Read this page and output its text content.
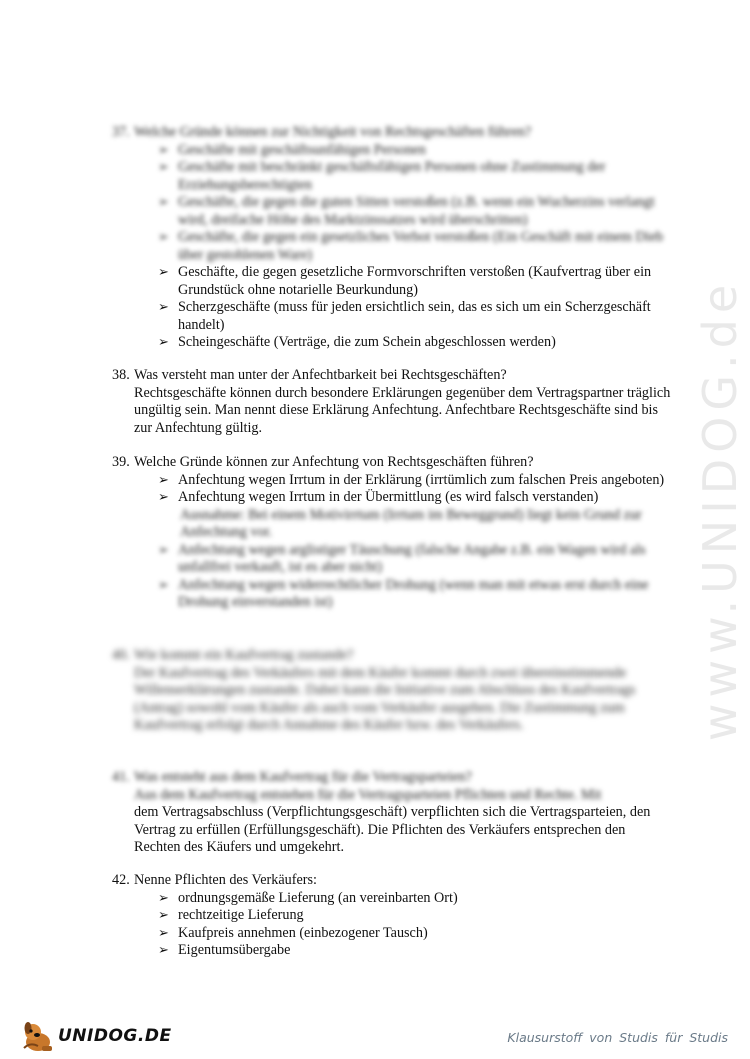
www.UNIDOG.de
37. Welche Gründe können zur Nichtigkeit von Rechtsgeschäften führen?
➢ Geschäfte mit geschäftsunfähigen Personen
➢ Geschäfte mit beschränkt geschäftsfähigen Personen ohne Zustimmung der Erziehungsberechtigten
➢ Geschäfte, die gegen die guten Sitten verstoßen (z.B. wenn ein Wucherzins verlangt wird, dreifache Höhe des Marktzinssatzes wird überschritten)
➢ Geschäfte, die gegen ein gesetzliches Verbot verstoßen (Ein Geschäft mit einem Dieb über gestohlenen Ware)
➢ Geschäfte, die gegen gesetzliche Formvorschriften verstoßen (Kaufvertrag über ein Grundstück ohne notarielle Beurkundung)
➢ Scherzgeschäfte (muss für jeden ersichtlich sein, das es sich um ein Scherzgeschäft handelt)
➢ Scheingeschäfte (Verträge, die zum Schein abgeschlossen werden)
38. Was versteht man unter der Anfechtbarkeit bei Rechtsgeschäften?
Rechtsgeschäfte können durch besondere Erklärungen gegenüber dem Vertragspartner träglich ungültig sein. Man nennt diese Erklärung Anfechtung. Anfechtbare Rechtsgeschäfte sind bis zur Anfechtung gültig.
39. Welche Gründe können zur Anfechtung von Rechtsgeschäften führen?
➢ Anfechtung wegen Irrtum in der Erklärung (irrtümlich zum falschen Preis angeboten)
➢ Anfechtung wegen Irrtum in der Übermittlung (es wird falsch verstanden)
Ausnahme: Bei einem Motivirrtum (Irrtum im Beweggrund) liegt kein Grund zur Anfechtung vor.
➢ Anfechtung wegen arglistiger Täuschung (falsche Angabe z.B. ein Wagen wird als unfallfrei verkauft, ist es aber nicht)
➢ Anfechtung wegen widerrechtlicher Drohung (wenn man mit etwas erst durch eine Drohung einverstanden ist)
40. Wie kommt ein Kaufvertrag zustande?
Der Kaufvertrag des Verkäufers mit dem Käufer kommt durch zwei übereinstimmende Willenserklärungen zustande. Dabei kann die Initiative zum Abschluss des Kaufvertrags (Antrag) sowohl vom Käufer als auch vom Verkäufer ausgehen. Die Zustimmung zum Kaufvertrag erfolgt durch Annahme des Käufer bzw. des Verkäufers.
41. Was entsteht aus dem Kaufvertrag für die Vertragsparteien?
Aus dem Kaufvertrag entstehen für die Vertragsparteien Pflichten und Rechte. Mit
dem Vertragsabschluss (Verpflichtungsgeschäft) verpflichten sich die Vertragsparteien, den Vertrag zu erfüllen (Erfüllungsgeschäft). Die Pflichten des Verkäufers entsprechen den Rechten des Käufers und umgekehrt.
42. Nenne Pflichten des Verkäufers:
➢ ordnungsgemäße Lieferung (an vereinbarten Ort)
➢ rechtzeitige Lieferung
➢ Kaufpreis annehmen (einbezogener Tausch)
➢ Eigentumsübergabe
UNIDOG.DE	Klausurstoff von Studis für Studis
